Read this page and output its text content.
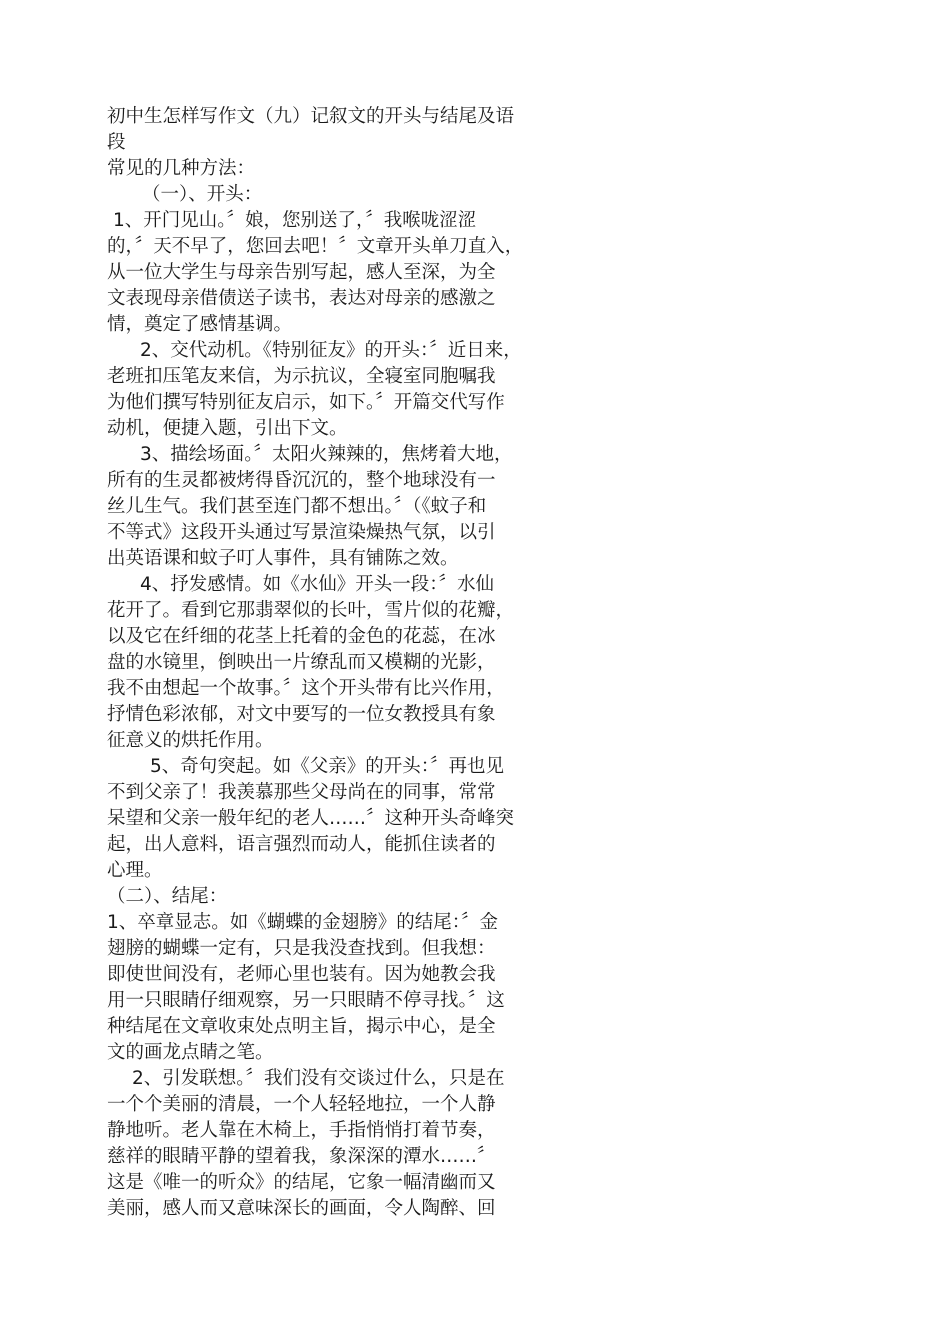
初中生怎样写作文（九）记叙文的开头与结尾及语
段
常见的几种方法：
（一）、开头：
1、开门见山。〞娘，您别送了，〞我喉咙涩涩
的，〞天不早了，您回去吧！〞文章开头单刀直入，
从一位大学生与母亲告别写起，感人至深，为全
文表现母亲借债送子读书，表达对母亲的感激之
情，奠定了感情基调。
2、交代动机。《特别征友》的开头：〞近日来，
老班扣压笔友来信，为示抗议，全寝室同胞嘱我
为他们撰写特别征友启示，如下。〞开篇交代写作
动机，便捷入题，引出下文。
3、描绘场面。〞太阳火辣辣的，焦烤着大地，
所有的生灵都被烤得昏沉沉的，整个地球没有一
丝儿生气。我们甚至连门都不想出。〞（《蚊子和
不等式》这段开头通过写景渲染燥热气氛，以引
出英语课和蚊子叮人事件，具有铺陈之效。
4、抒发感情。如《水仙》开头一段：〞水仙
花开了。看到它那翡翠似的长叶，雪片似的花瓣，
以及它在纤细的花茎上托着的金色的花蕊，在冰
盘的水镜里，倒映出一片缭乱而又模糊的光影，
我不由想起一个故事。〞这个开头带有比兴作用，
抒情色彩浓郁，对文中要写的一位女教授具有象
征意义的烘托作用。
5、奇句突起。如《父亲》的开头：〞再也见
不到父亲了！我羡慕那些父母尚在的同事，常常
呆望和父亲一般年纪的老人……〞这种开头奇峰突
起，出人意料，语言强烈而动人，能抓住读者的
心理。
（二）、结尾：
1、卒章显志。如《蝴蝶的金翅膀》的结尾：〞金
翅膀的蝴蝶一定有，只是我没查找到。但我想：
即使世间没有，老师心里也装有。因为她教会我
用一只眼睛仔细观察，另一只眼睛不停寻找。〞这
种结尾在文章收束处点明主旨，揭示中心，是全
文的画龙点睛之笔。
2、引发联想。〞我们没有交谈过什么，只是在
一个个美丽的清晨，一个人轻轻地拉，一个人静
静地听。老人靠在木椅上，手指悄悄打着节奏，
慈祥的眼睛平静的望着我，象深深的潭水……〞
这是《唯一的听众》的结尾，它象一幅清幽而又
美丽，感人而又意味深长的画面，令人陶醉、回
